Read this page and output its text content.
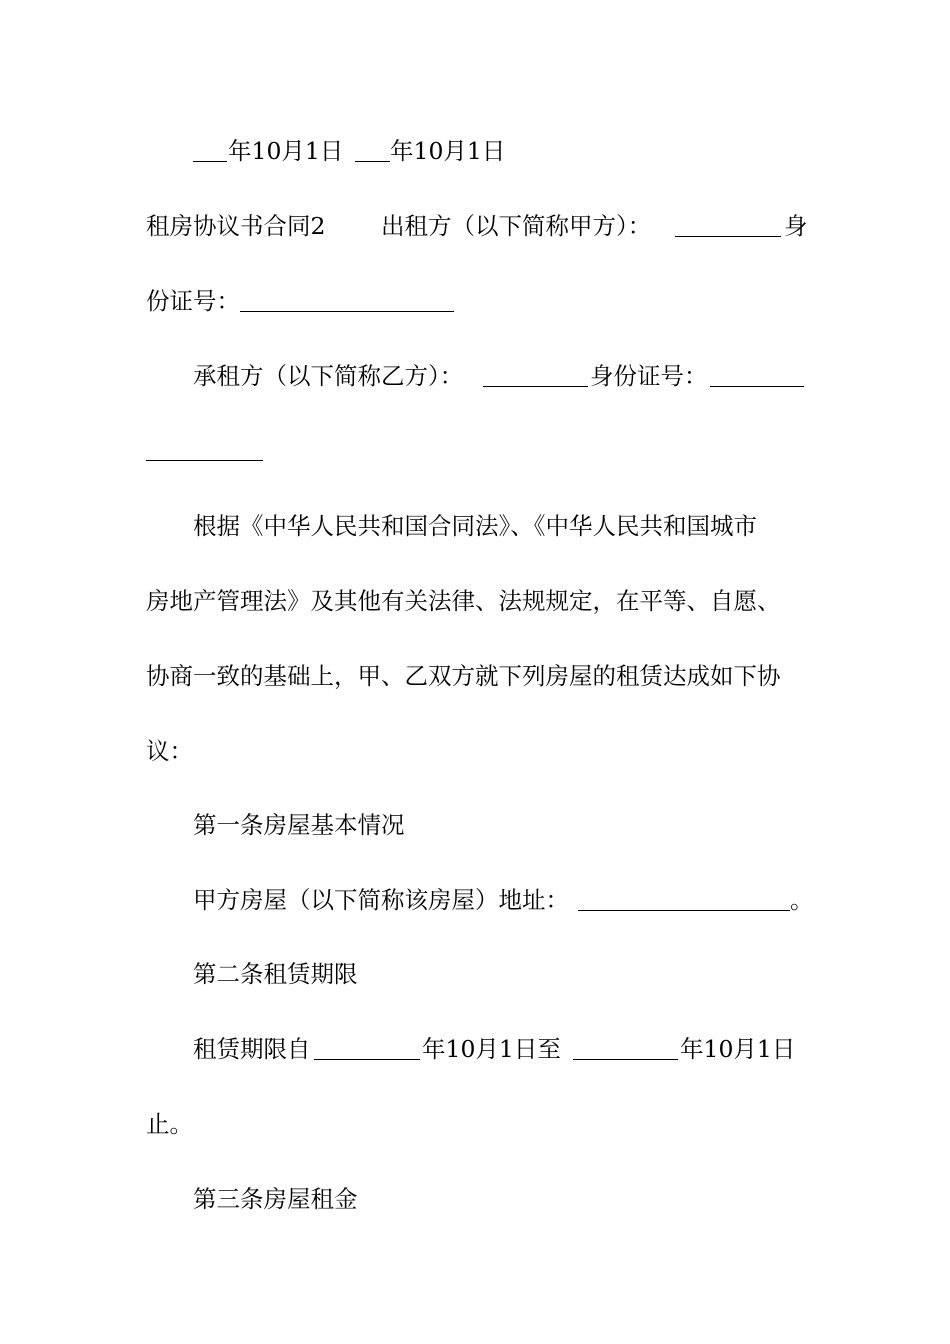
年10月1日 年10月1日
租房协议书合同2 出租方（以下简称甲方）：	身
份证号：
承租方（以下简称乙方）：	身份证号：
根据《中华人民共和国合同法》、《中华人民共和国城市
房地产管理法》及其他有关法律、法规规定，在平等、自愿、
协商一致的基础上，甲、乙双方就下列房屋的租赁达成如下协
议：
第一条房屋基本情况
甲方房屋（以下简称该房屋）地址：	。
第二条租赁期限
租赁期限自	年10月1日至	年10月1日
止。
第三条房屋租金
